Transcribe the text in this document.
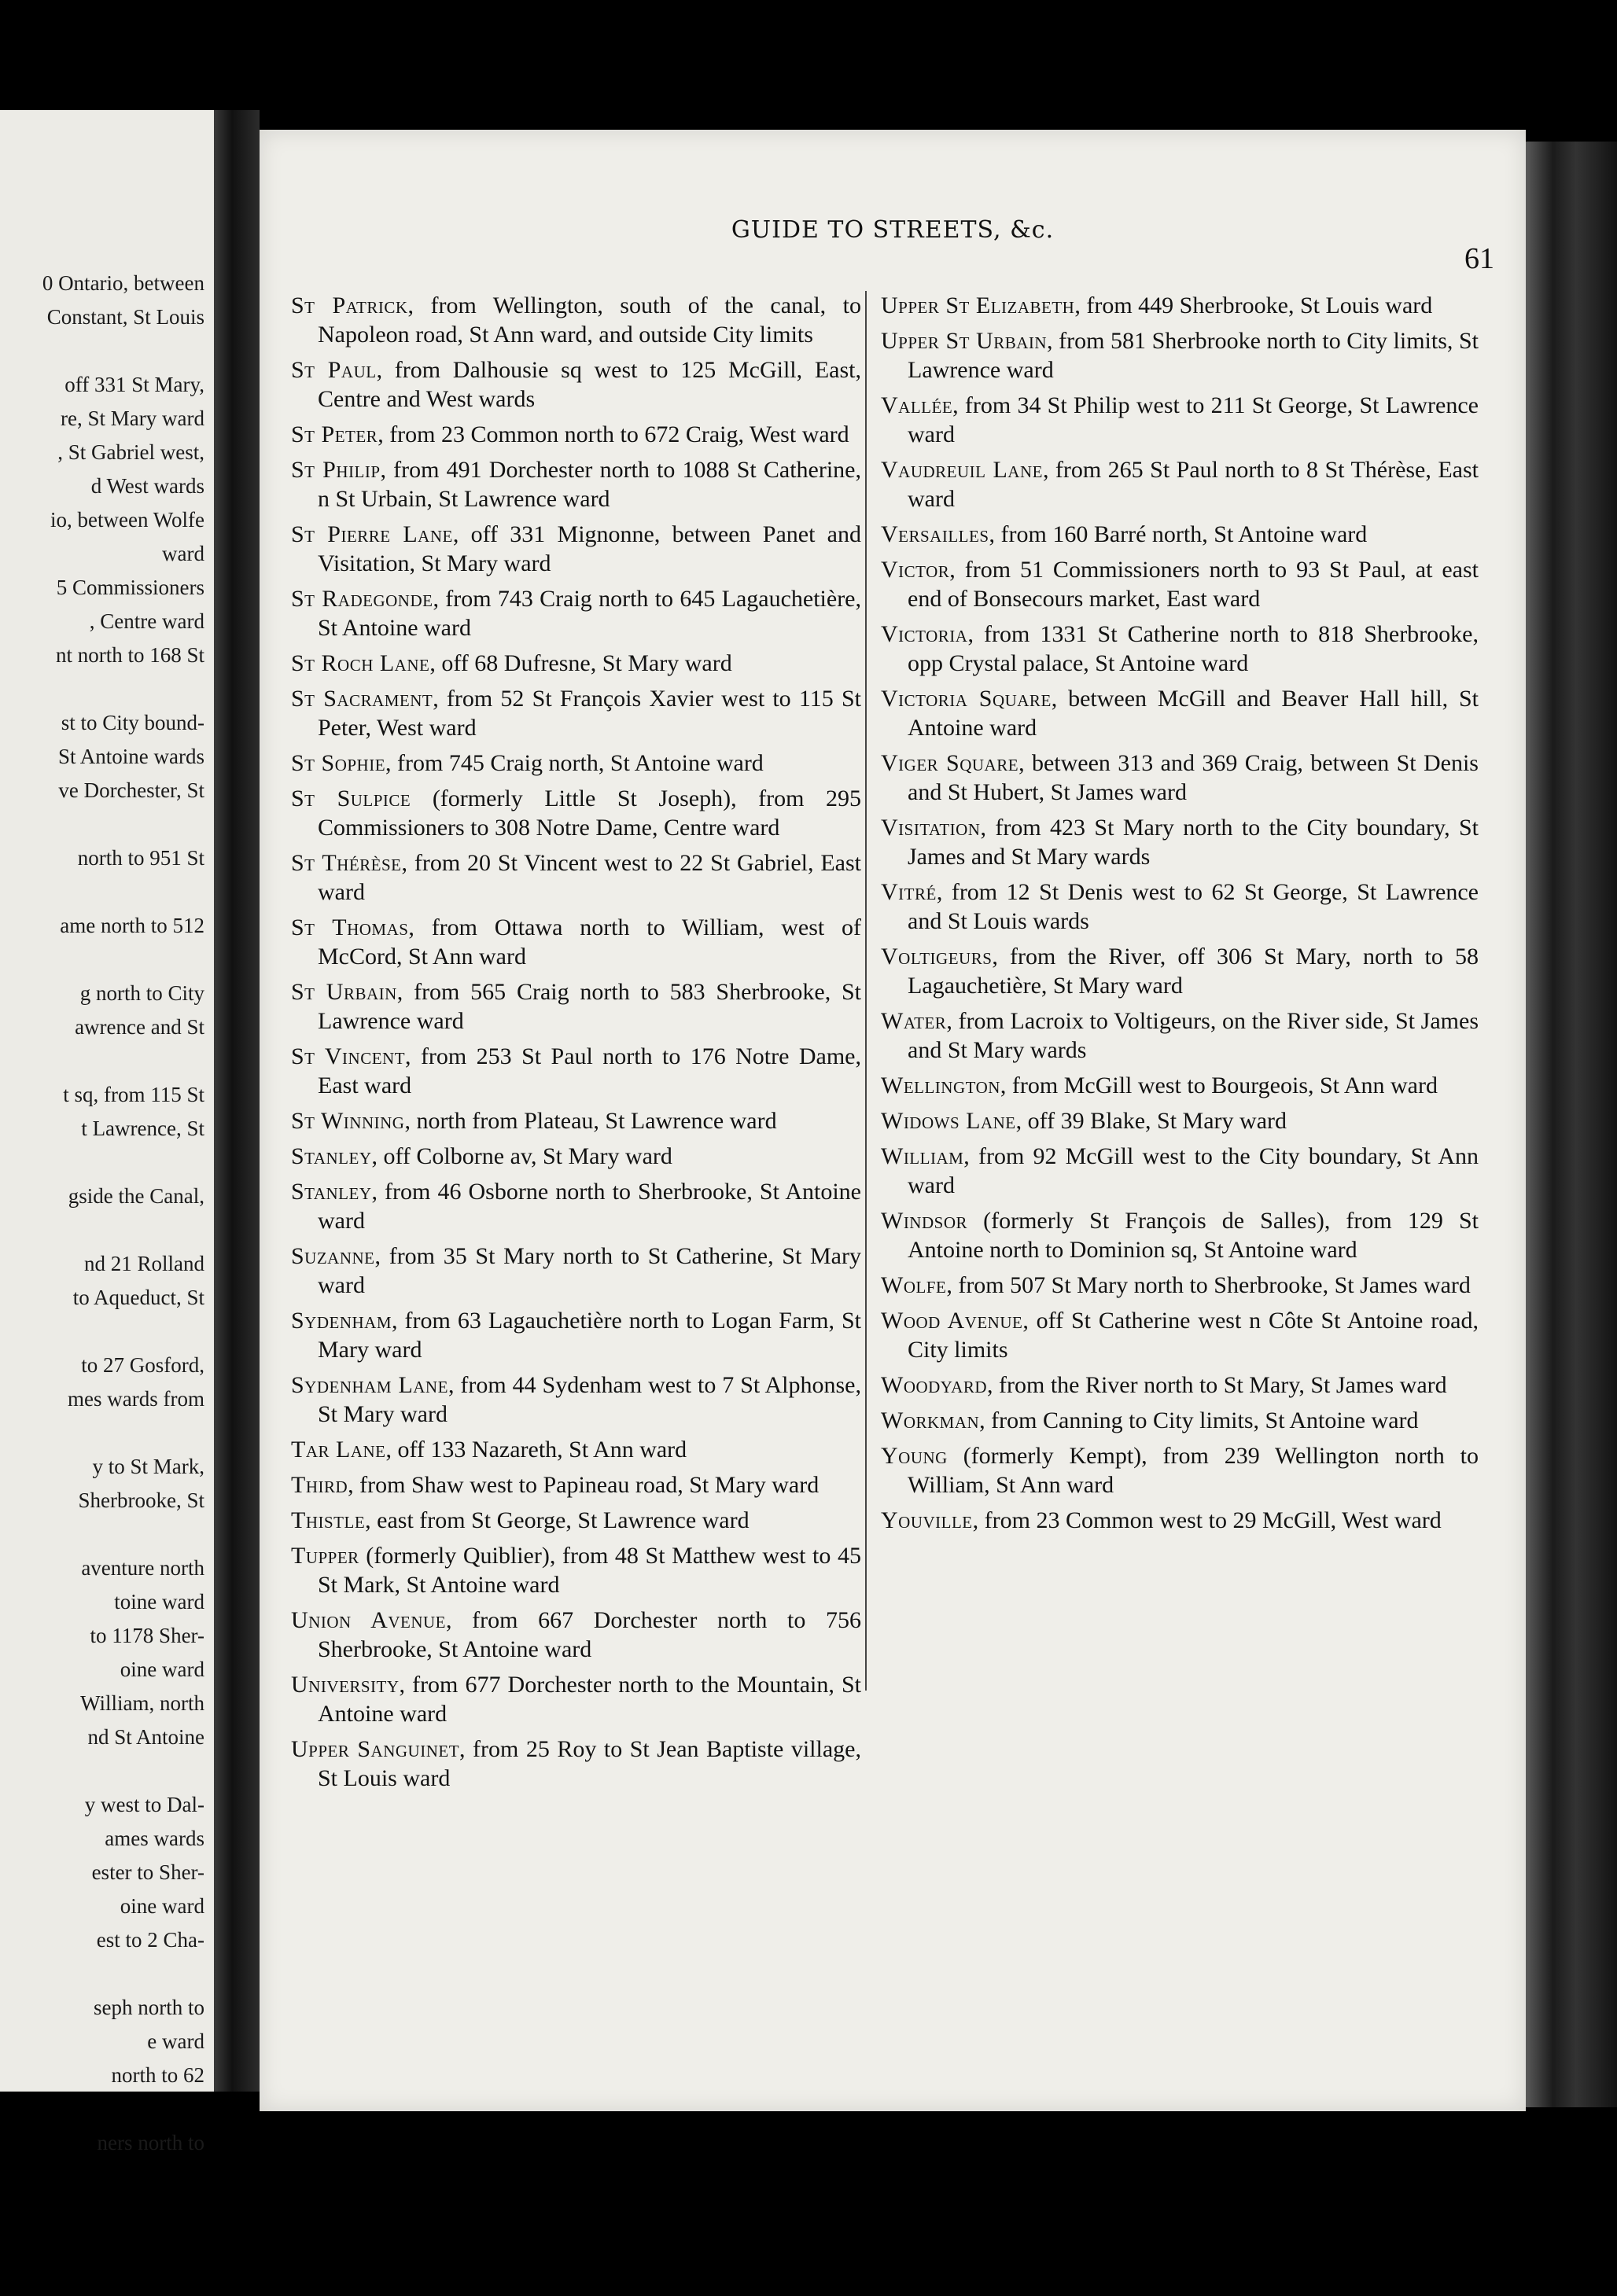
0 Ontario, between
Constant, St Louis
off 331 St Mary,
re, St Mary ward
, St Gabriel west,
d West wards
io, between Wolfe
ward
5 Commissioners
, Centre ward
nt north to 168 St
st to City bound-
St Antoine wards
ve Dorchester, St
north to 951 St
ame north to 512
g north to City
awrence and St
t sq, from 115 St
t Lawrence, St
gside the Canal,
nd 21 Rolland
to Aqueduct, St
to 27 Gosford,
mes wards from
y to St Mark,
Sherbrooke, St
aventure north
toine ward
to 1178 Sher-
oine ward
William, north
nd St Antoine
y west to Dal-
ames wards
ester to Sher-
oine ward
est to 2 Cha-
seph north to
e ward
north to 62
ners north to
GUIDE TO STREETS, &c.
61
St Patrick, from Wellington, south of the canal, to Napoleon road, St Ann ward, and outside City limits
St Paul, from Dalhousie sq west to 125 McGill, East, Centre and West wards
St Peter, from 23 Common north to 672 Craig, West ward
St Philip, from 491 Dorchester north to 1088 St Catherine, n St Urbain, St Lawrence ward
St Pierre Lane, off 331 Mignonne, between Panet and Visitation, St Mary ward
St Radegonde, from 743 Craig north to 645 Lagauchetière, St Antoine ward
St Roch Lane, off 68 Dufresne, St Mary ward
St Sacrament, from 52 St François Xavier west to 115 St Peter, West ward
St Sophie, from 745 Craig north, St Antoine ward
St Sulpice (formerly Little St Joseph), from 295 Commissioners to 308 Notre Dame, Centre ward
St Thérèse, from 20 St Vincent west to 22 St Gabriel, East ward
St Thomas, from Ottawa north to William, west of McCord, St Ann ward
St Urbain, from 565 Craig north to 583 Sherbrooke, St Lawrence ward
St Vincent, from 253 St Paul north to 176 Notre Dame, East ward
St Winning, north from Plateau, St Lawrence ward
Stanley, off Colborne av, St Mary ward
Stanley, from 46 Osborne north to Sherbrooke, St Antoine ward
Suzanne, from 35 St Mary north to St Catherine, St Mary ward
Sydenham, from 63 Lagauchetière north to Logan Farm, St Mary ward
Sydenham Lane, from 44 Sydenham west to 7 St Alphonse, St Mary ward
Tar Lane, off 133 Nazareth, St Ann ward
Third, from Shaw west to Papineau road, St Mary ward
Thistle, east from St George, St Lawrence ward
Tupper (formerly Quiblier), from 48 St Matthew west to 45 St Mark, St Antoine ward
Union Avenue, from 667 Dorchester north to 756 Sherbrooke, St Antoine ward
University, from 677 Dorchester north to the Mountain, St Antoine ward
Upper Sanguinet, from 25 Roy to St Jean Baptiste village, St Louis ward
Upper St Elizabeth, from 449 Sherbrooke, St Louis ward
Upper St Urbain, from 581 Sherbrooke north to City limits, St Lawrence ward
Vallée, from 34 St Philip west to 211 St George, St Lawrence ward
Vaudreuil Lane, from 265 St Paul north to 8 St Thérèse, East ward
Versailles, from 160 Barré north, St Antoine ward
Victor, from 51 Commissioners north to 93 St Paul, at east end of Bonsecours market, East ward
Victoria, from 1331 St Catherine north to 818 Sherbrooke, opp Crystal palace, St Antoine ward
Victoria Square, between McGill and Beaver Hall hill, St Antoine ward
Viger Square, between 313 and 369 Craig, between St Denis and St Hubert, St James ward
Visitation, from 423 St Mary north to the City boundary, St James and St Mary wards
Vitré, from 12 St Denis west to 62 St George, St Lawrence and St Louis wards
Voltigeurs, from the River, off 306 St Mary, north to 58 Lagauchetière, St Mary ward
Water, from Lacroix to Voltigeurs, on the River side, St James and St Mary wards
Wellington, from McGill west to Bourgeois, St Ann ward
Widows Lane, off 39 Blake, St Mary ward
William, from 92 McGill west to the City boundary, St Ann ward
Windsor (formerly St François de Salles), from 129 St Antoine north to Dominion sq, St Antoine ward
Wolfe, from 507 St Mary north to Sherbrooke, St James ward
Wood Avenue, off St Catherine west n Côte St Antoine road, City limits
Woodyard, from the River north to St Mary, St James ward
Workman, from Canning to City limits, St Antoine ward
Young (formerly Kempt), from 239 Wellington north to William, St Ann ward
Youville, from 23 Common west to 29 McGill, West ward
